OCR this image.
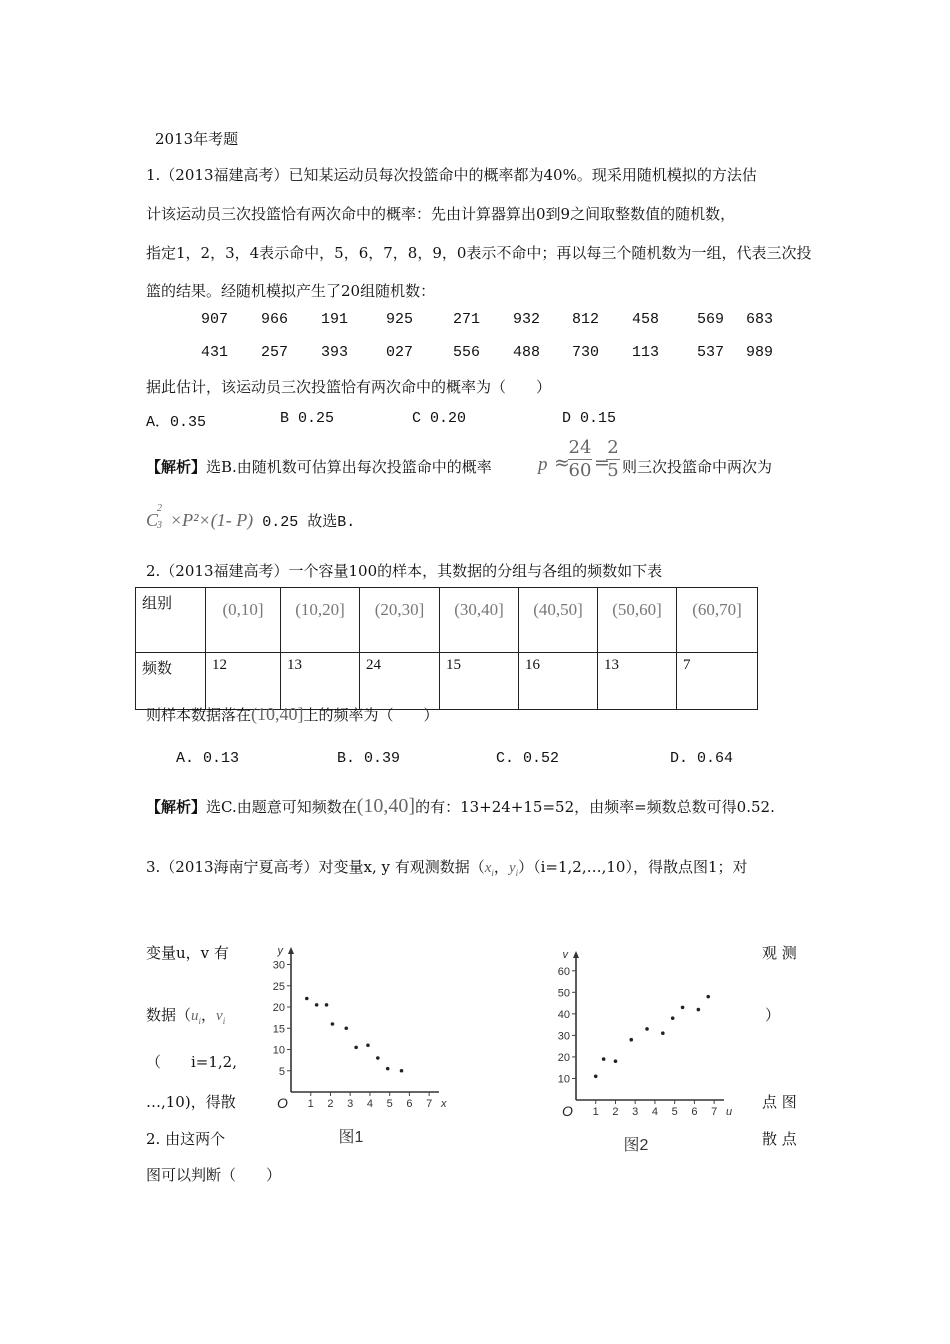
2013年考题
1.（2013福建高考）已知某运动员每次投篮命中的概率都为40%。现采用随机模拟的方法估
计该运动员三次投篮恰有两次命中的概率：先由计算器算出0到9之间取整数值的随机数，
指定1，2，3，4表示命中，5，6，7，8，9，0表示不命中；再以每三个随机数为一组，代表三次投
篮的结果。经随机模拟产生了20组随机数：
907 966 191	925	271 932 812 458	569 683
431 257 393	027	556 488 730 113	537 989
据此估计，该运动员三次投篮恰有两次命中的概率为（　　）
A．0.35	B 0.25	C 0.20	D 0.15
【解析】选B.由随机数可估算出每次投篮命中的概率 p ≈
$\frac{24}{60}$ =
$\frac{2}{5}$ 则三次投篮命中两次为
C
2
3 ×P²×(1- P) 0.25 故选B.
2.（2013福建高考）一个容量100的样本，其数据的分组与各组的频数如下表
组别	(0,10]	(10,20]	(20,30]	(30,40]	(40,50]	(50,60]	(60,70]
频数	12	13	24	15	16	13	7
则样本数据落在(10,40]上的频率为（　　）
A. 0.13	B. 0.39	C. 0.52	D. 0.64
【解析】选C.由题意可知频数在(10,40]的有：13+24+15=52，由频率=频数总数可得0.52.
3.（2013海南宁夏高考）对变量x, y 有观测数据（$x_i$，$y_i)(i=1,2,\dots,10)$，得散点图1；对
变量u，v 有
数据（$u_i$，$v_i$
（　　i=1,2,
…,10)，得散
2. 由这两个
图可以判断（　　）
观 测
）
点 图
散 点
5
10
15
20
25
30
1 2 3 4 5 6 7
y
x
O
图1
10
20
30
40
50
60
1 2 3 4 5 6 7
v
u
O
图2
